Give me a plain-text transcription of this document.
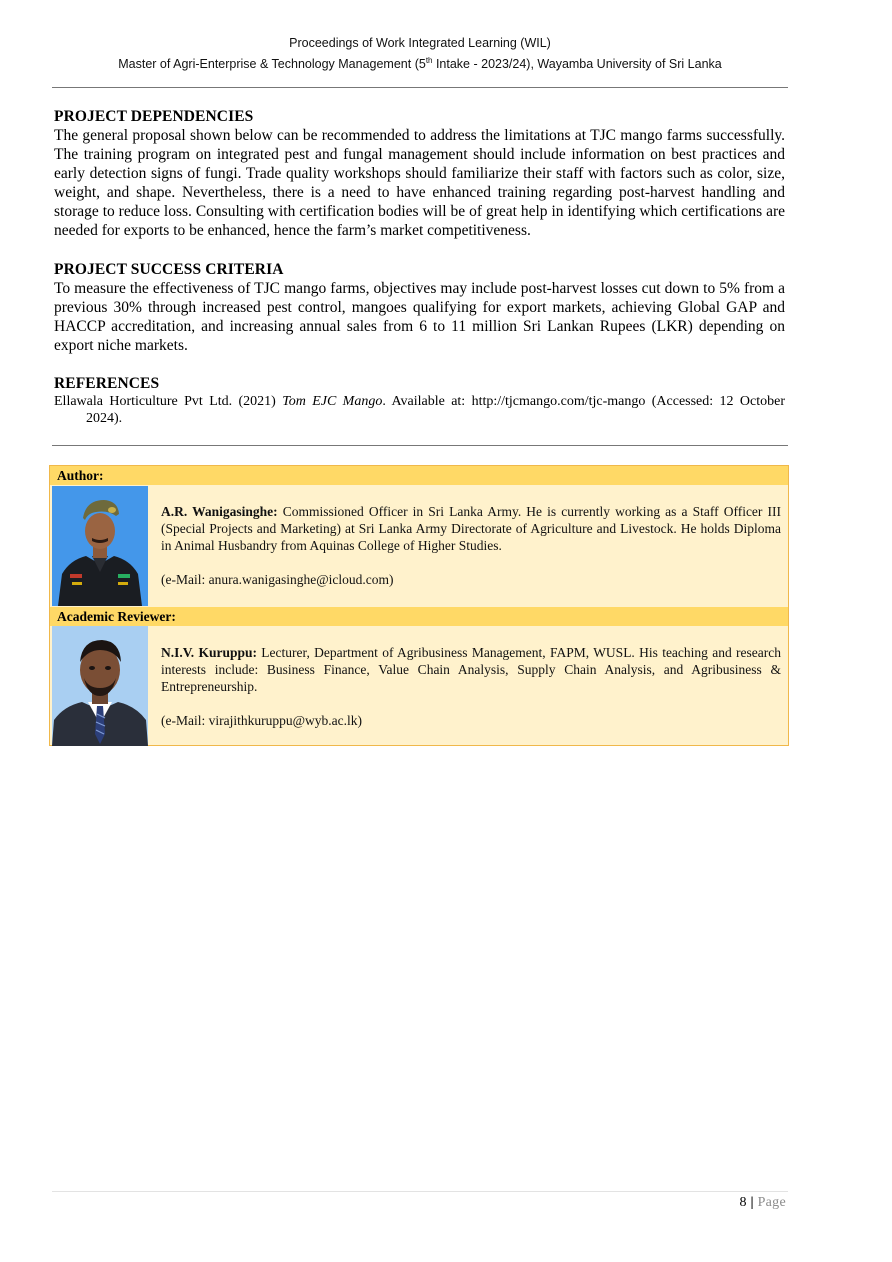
Proceedings of Work Integrated Learning (WIL)
Master of Agri-Enterprise & Technology Management (5th Intake - 2023/24), Wayamba University of Sri Lanka
PROJECT DEPENDENCIES

The general proposal shown below can be recommended to address the limitations at TJC mango farms successfully. The training program on integrated pest and fungal management should include information on best practices and early detection signs of fungi. Trade quality workshops should familiarize their staff with factors such as color, size, weight, and shape. Nevertheless, there is a need to have enhanced training regarding post-harvest handling and storage to reduce loss. Consulting with certification bodies will be of great help in identifying which certifications are needed for exports to be enhanced, hence the farm’s market competitiveness.

PROJECT SUCCESS CRITERIA

To measure the effectiveness of TJC mango farms, objectives may include post-harvest losses cut down to 5% from a previous 30% through increased pest control, mangoes qualifying for export markets, achieving Global GAP and HACCP accreditation, and increasing annual sales from 6 to 11 million Sri Lankan Rupees (LKR) depending on export niche markets.

REFERENCES

Ellawala Horticulture Pvt Ltd. (2021) Tom EJC Mango. Available at: http://tjcmango.com/tjc-mango (Accessed: 12 October 2024).

Author:
A.R. Wanigasinghe: Commissioned Officer in Sri Lanka Army. He is currently working as a Staff Officer III (Special Projects and Marketing) at Sri Lanka Army Directorate of Agriculture and Livestock. He holds Diploma in Animal Husbandry from Aquinas College of Higher Studies.
(e-Mail: anura.wanigasinghe@icloud.com)
Academic Reviewer:
N.I.V. Kuruppu: Lecturer, Department of Agribusiness Management, FAPM, WUSL. His teaching and research interests include: Business Finance, Value Chain Analysis, Supply Chain Analysis, and Agribusiness & Entrepreneurship.
(e-Mail: virajithkuruppu@wyb.ac.lk)
8 | Page
